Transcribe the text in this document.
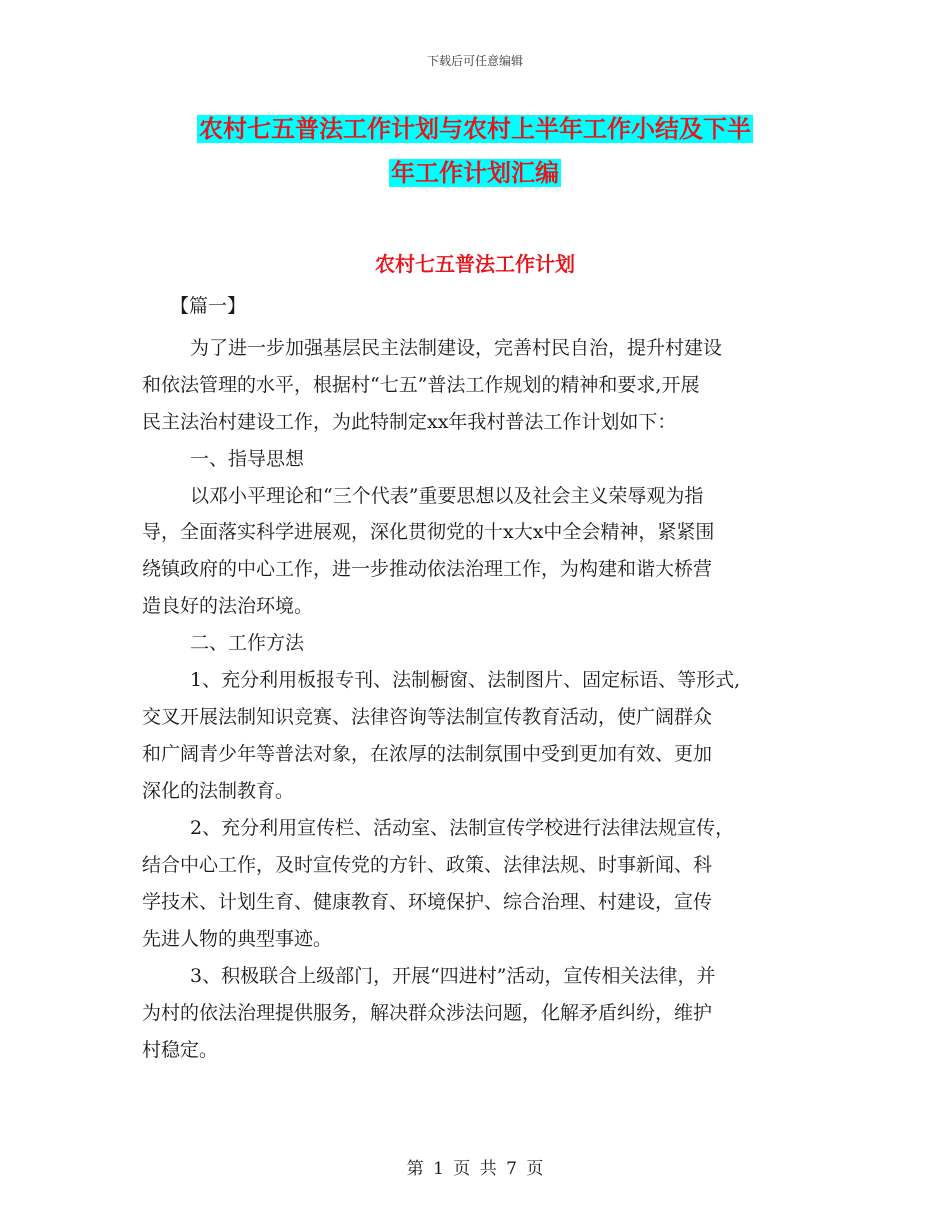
下载后可任意编辑
农村七五普法工作计划与农村上半年工作小结及下半
年工作计划汇编
农村七五普法工作计划
【篇一】
为了进一步加强基层民主法制建设，完善村民自治，提升村建设
和依法管理的水平，根据村“七五”普法工作规划的精神和要求,开展
民主法治村建设工作，为此特制定xx年我村普法工作计划如下：
一、指导思想
以邓小平理论和“三个代表”重要思想以及社会主义荣辱观为指
导，全面落实科学进展观，深化贯彻党的十x大x中全会精神，紧紧围
绕镇政府的中心工作，进一步推动依法治理工作，为构建和谐大桥营
造良好的法治环境。
二、工作方法
1、充分利用板报专刊、法制橱窗、法制图片、固定标语、等形式,
交叉开展法制知识竞赛、法律咨询等法制宣传教育活动，使广阔群众
和广阔青少年等普法对象，在浓厚的法制氛围中受到更加有效、更加
深化的法制教育。
2、充分利用宣传栏、活动室、法制宣传学校进行法律法规宣传，
结合中心工作，及时宣传党的方针、政策、法律法规、时事新闻、科
学技术、计划生育、健康教育、环境保护、综合治理、村建设，宣传
先进人物的典型事迹。
3、积极联合上级部门，开展“四进村”活动，宣传相关法律，并
为村的依法治理提供服务，解决群众涉法问题，化解矛盾纠纷，维护
村稳定。
第 1 页 共 7 页
